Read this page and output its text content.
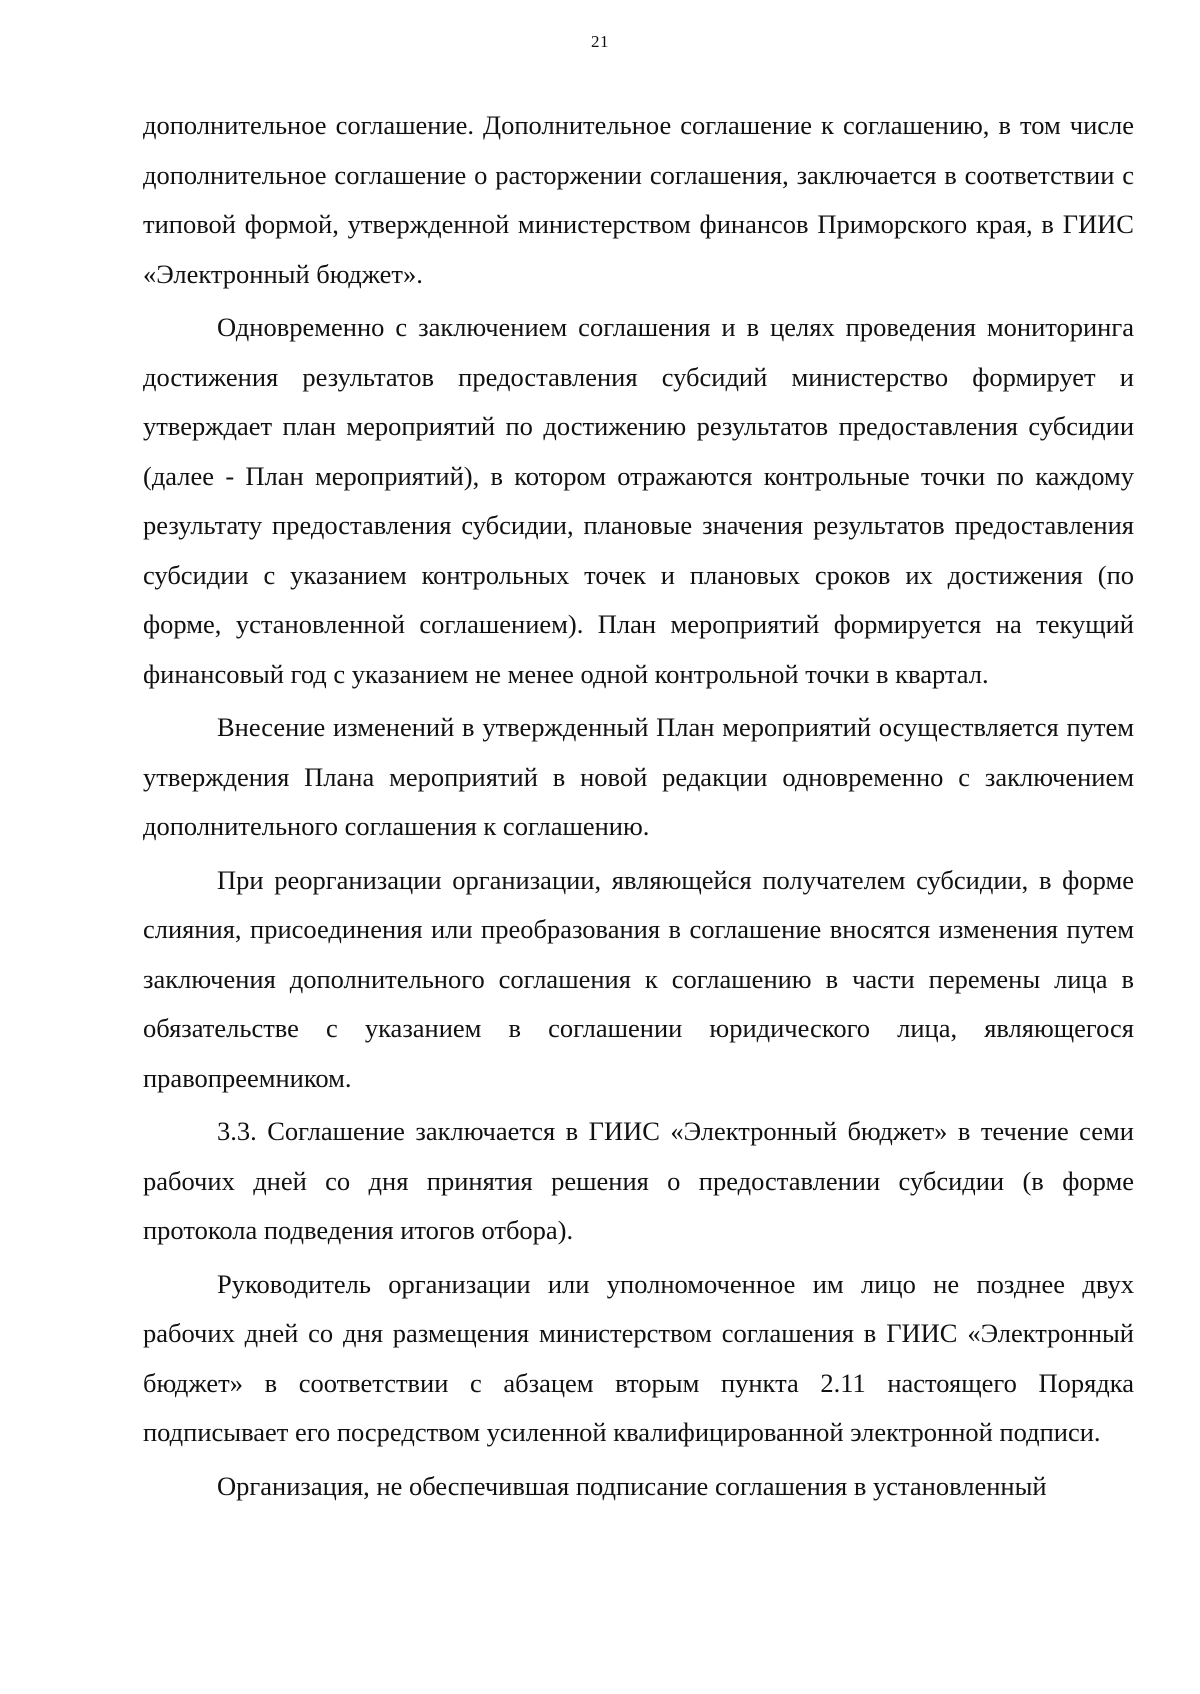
21

дополнительное соглашение. Дополнительное соглашение к соглашению, в том числе дополнительное соглашение о расторжении соглашения, заключается в соответствии с типовой формой, утвержденной министерством финансов Приморского края, в ГИИС «Электронный бюджет».

Одновременно с заключением соглашения и в целях проведения мониторинга достижения результатов предоставления субсидий министерство формирует и утверждает план мероприятий по достижению результатов предоставления субсидии (далее - План мероприятий), в котором отражаются контрольные точки по каждому результату предоставления субсидии, плановые значения результатов предоставления субсидии с указанием контрольных точек и плановых сроков их достижения (по форме, установленной соглашением). План мероприятий формируется на текущий финансовый год с указанием не менее одной контрольной точки в квартал.

Внесение изменений в утвержденный План мероприятий осуществляется путем утверждения Плана мероприятий в новой редакции одновременно с заключением дополнительного соглашения к соглашению.

При реорганизации организации, являющейся получателем субсидии, в форме слияния, присоединения или преобразования в соглашение вносятся изменения путем заключения дополнительного соглашения к соглашению в части перемены лица в обязательстве с указанием в соглашении юридического лица, являющегося правопреемником.

3.3. Соглашение заключается в ГИИС «Электронный бюджет» в течение семи рабочих дней со дня принятия решения о предоставлении субсидии (в форме протокола подведения итогов отбора).

Руководитель организации или уполномоченное им лицо не позднее двух рабочих дней со дня размещения министерством соглашения в ГИИС «Электронный бюджет» в соответствии с абзацем вторым пункта 2.11 настоящего Порядка подписывает его посредством усиленной квалифицированной электронной подписи.

Организация, не обеспечившая подписание соглашения в установленный
